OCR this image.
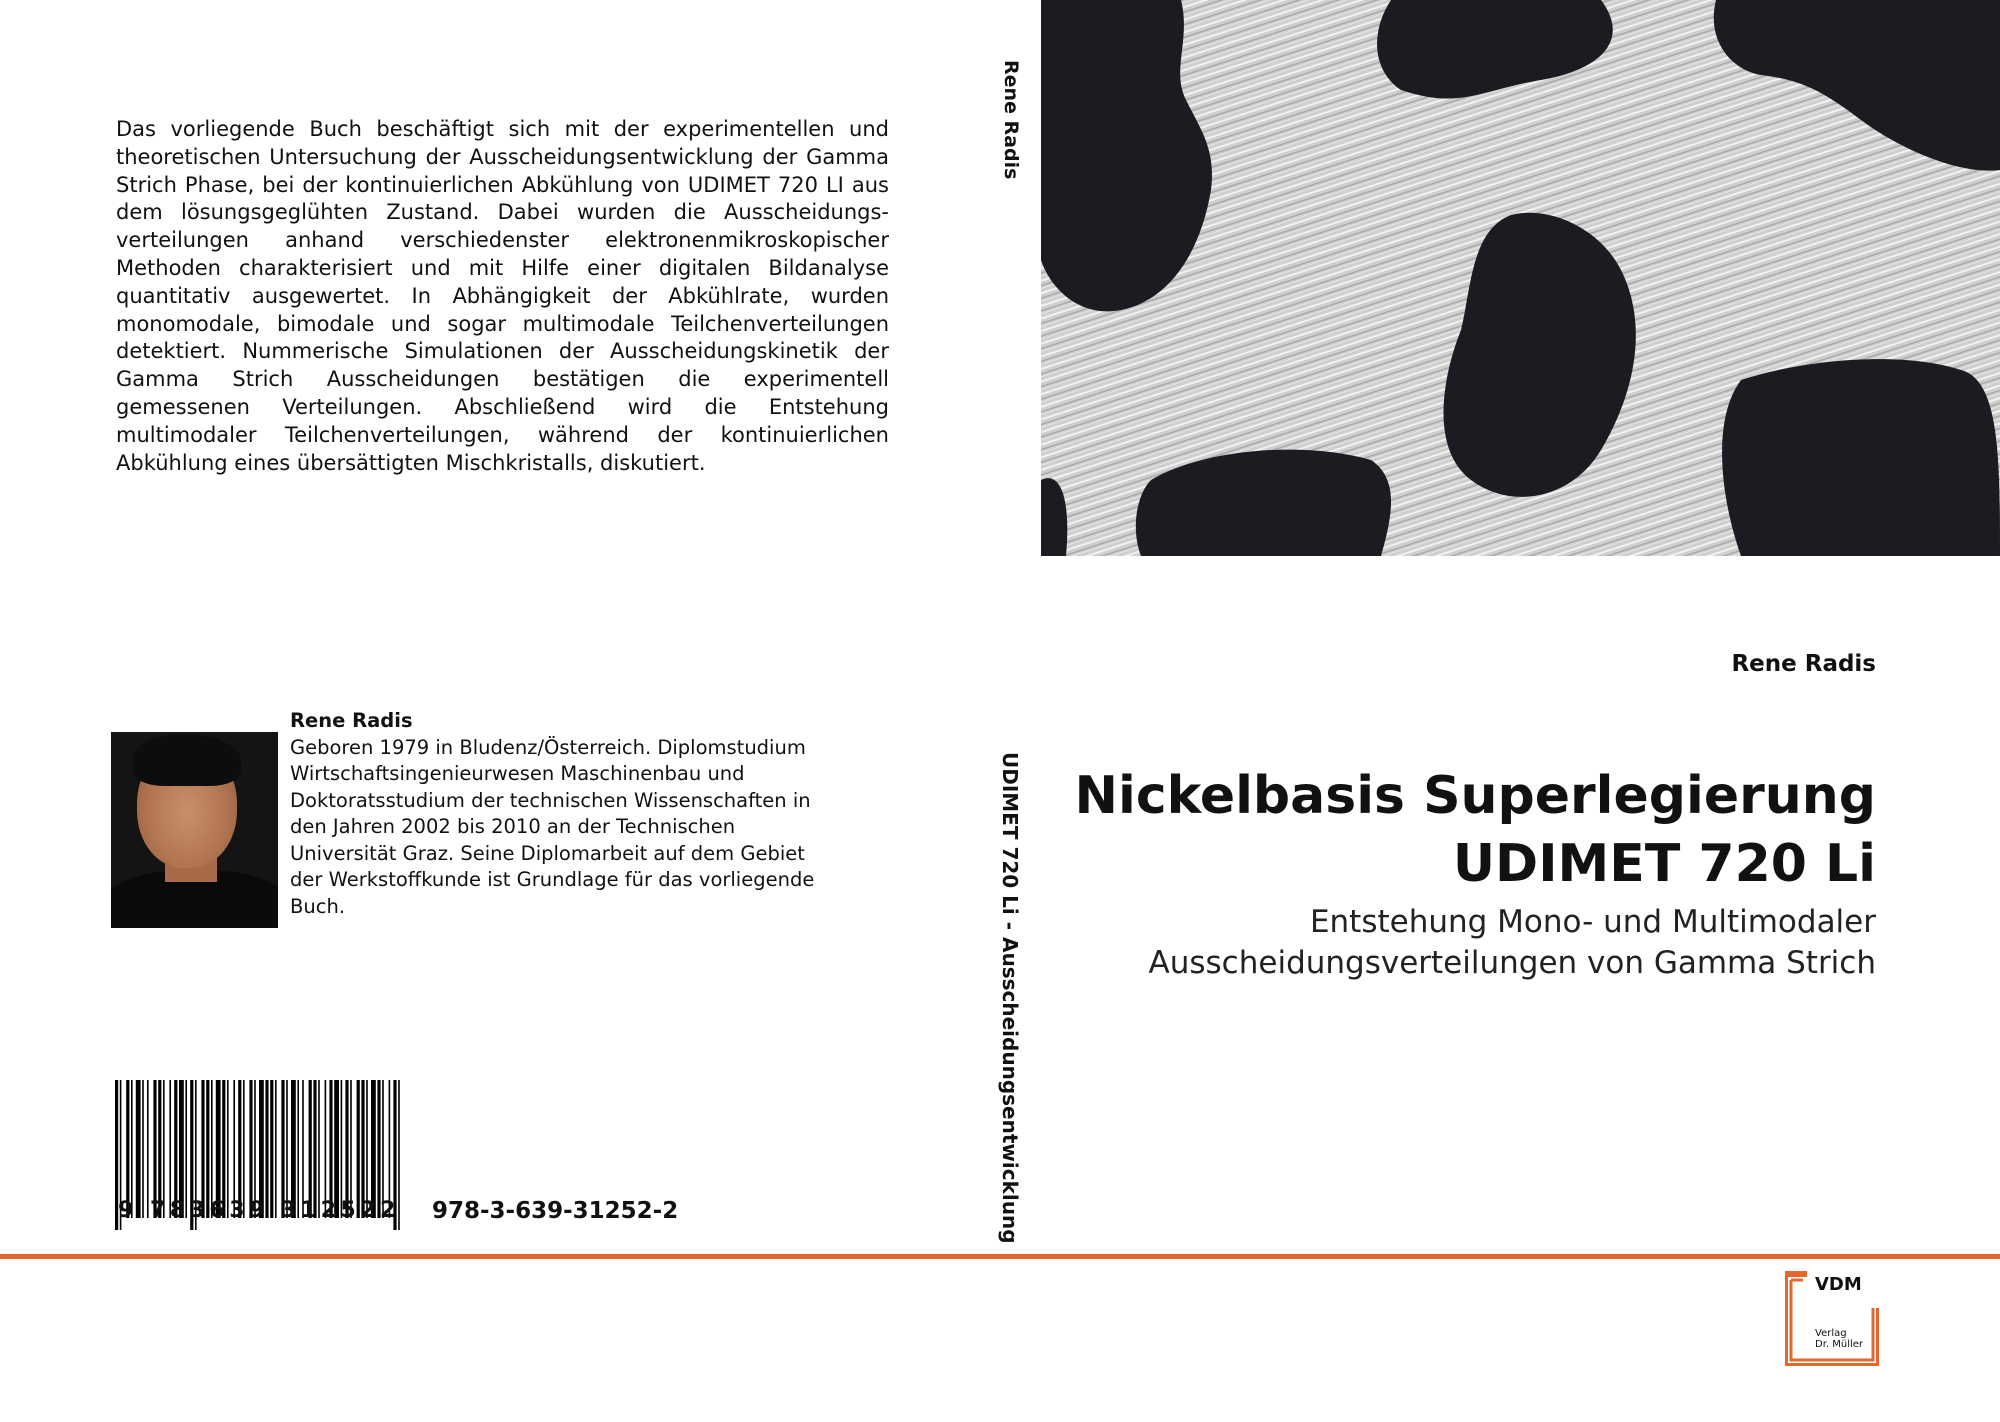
Das vorliegende Buch beschäftigt sich mit der experimentellen und theoretischen Untersuchung der Ausscheidungsentwicklung der Gamma Strich Phase, bei der kontinuierlichen Abkühlung von UDIMET 720 LI aus dem lösungsgeglühten Zustand. Dabei wurden die Ausscheidungsverteilungen anhand verschiedenster elektronenmikroskopischer Methoden charakterisiert und mit Hilfe einer digitalen Bildanalyse quantitativ ausgewertet. In Abhängigkeit der Abkühlrate, wurden monomodale, bimodale und sogar multimodale Teilchenverteilungen detektiert. Nummerische Simulationen der Ausscheidungskinetik der Gamma Strich Ausscheidungen bestätigen die experimentell gemessenen Verteilungen. Abschließend wird die Entstehung multimodaler Teilchenverteilungen, während der kontinuierlichen Abkühlung eines übersättigten Mischkristalls, diskutiert.
Rene Radis
Geboren 1979 in Bludenz/Österreich. Diplomstudium Wirtschaftsingenieurwesen Maschinenbau und Doktoratsstudium der technischen Wissenschaften in den Jahren 2002 bis 2010 an der Technischen Universität Graz. Seine Diplomarbeit auf dem Gebiet der Werkstoffkunde ist Grundlage für das vorliegende Buch.
9 783639 312522 978-3-639-31252-2
Rene Radis
UDIMET 720 Li - Ausscheidungsentwicklung
Rene Radis
Nickelbasis Superlegierung
UDIMET 720 Li
Entstehung Mono- und Multimodaler
Ausscheidungsverteilungen von Gamma Strich
VDM
Verlag
Dr. Müller
